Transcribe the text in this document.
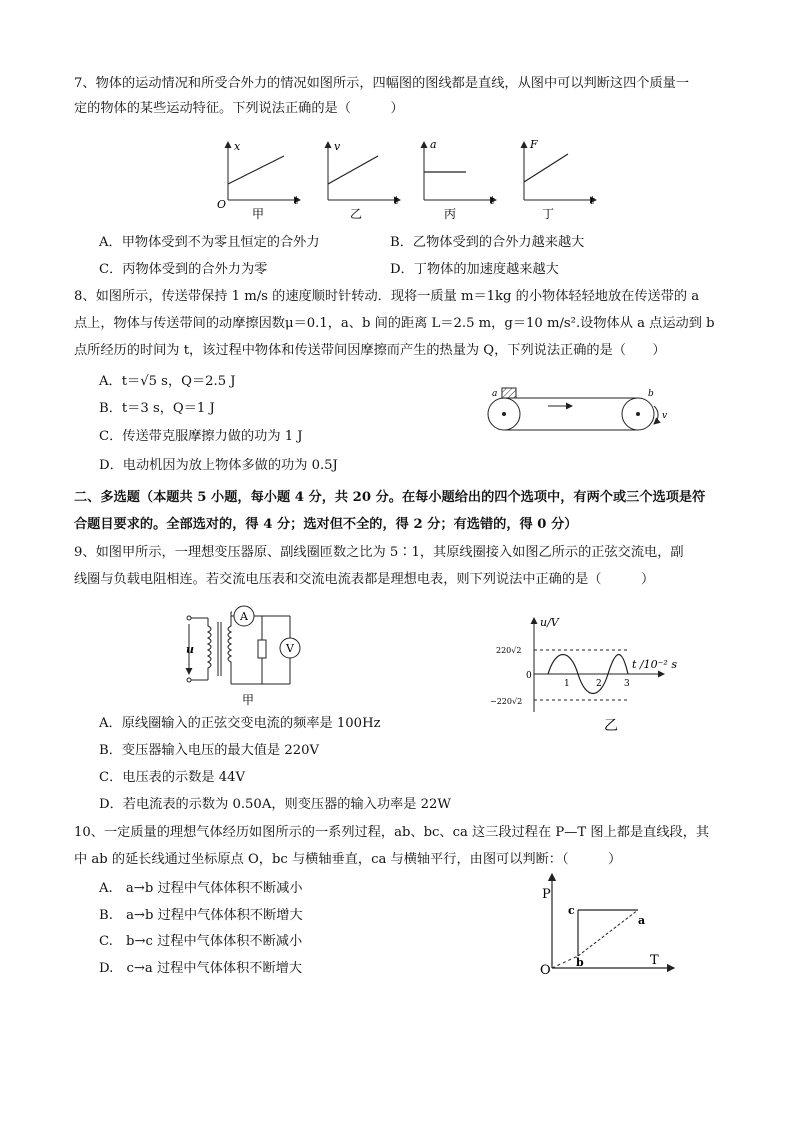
7、物体的运动情况和所受合外力的情况如图所示，四幅图的图线都是直线，从图中可以判断这四个质量一
定的物体的某些运动特征。下列说法正确的是（　　　）
x
t
O
甲
v
t
乙
a
t
丙
F
t
丁
A．甲物体受到不为零且恒定的合外力	B．乙物体受到的合外力越来越大
C．丙物体受到的合外力为零	D．丁物体的加速度越来越大
8、如图所示，传送带保持 1 m/s 的速度顺时针转动．现将一质量 m＝1kg 的小物体轻轻地放在传送带的 a
点上，物体与传送带间的动摩擦因数μ＝0.1，a、b 间的距离 L＝2.5 m，g＝10 m/s².设物体从 a 点运动到 b
点所经历的时间为 t，该过程中物体和传送带间因摩擦而产生的热量为 Q，下列说法正确的是（　　）
A．t＝√5 s，Q＝2.5 J
B．t＝3 s，Q＝1 J
C．传送带克服摩擦力做的功为 1 J
D．电动机因为放上物体多做的功为 0.5J
a	b
v
二、多选题（本题共 5 小题，每小题 4 分，共 20 分。在每小题给出的四个选项中，有两个或三个选项是符
合题目要求的。全部选对的，得 4 分；选对但不全的，得 2 分；有选错的，得 0 分）
9、如图甲所示，一理想变压器原、副线圈匝数之比为 5∶1，其原线圈接入如图乙所示的正弦交流电，副
线圈与负载电阻相连。若交流电压表和交流电流表都是理想电表，则下列说法中正确的是（　　　）
u
A
V
甲
u/V
t /10⁻² s
220√2
−220√2
0
1	2 3
乙
A．原线圈输入的正弦交变电流的频率是 100Hz
B．变压器输入电压的最大值是 220V
C．电压表的示数是 44V
D．若电流表的示数为 0.50A，则变压器的输入功率是 22W
10、一定质量的理想气体经历如图所示的一系列过程，ab、bc、ca 这三段过程在 P—T 图上都是直线段，其
中 ab 的延长线通过坐标原点 O，bc 与横轴垂直，ca 与横轴平行，由图可以判断：（　　　）
A.　a→b 过程中气体体积不断减小
B.　a→b 过程中气体体积不断增大
C.　b→c 过程中气体体积不断减小
D.　c→a 过程中气体体积不断增大
P
T
O
a
b
c
